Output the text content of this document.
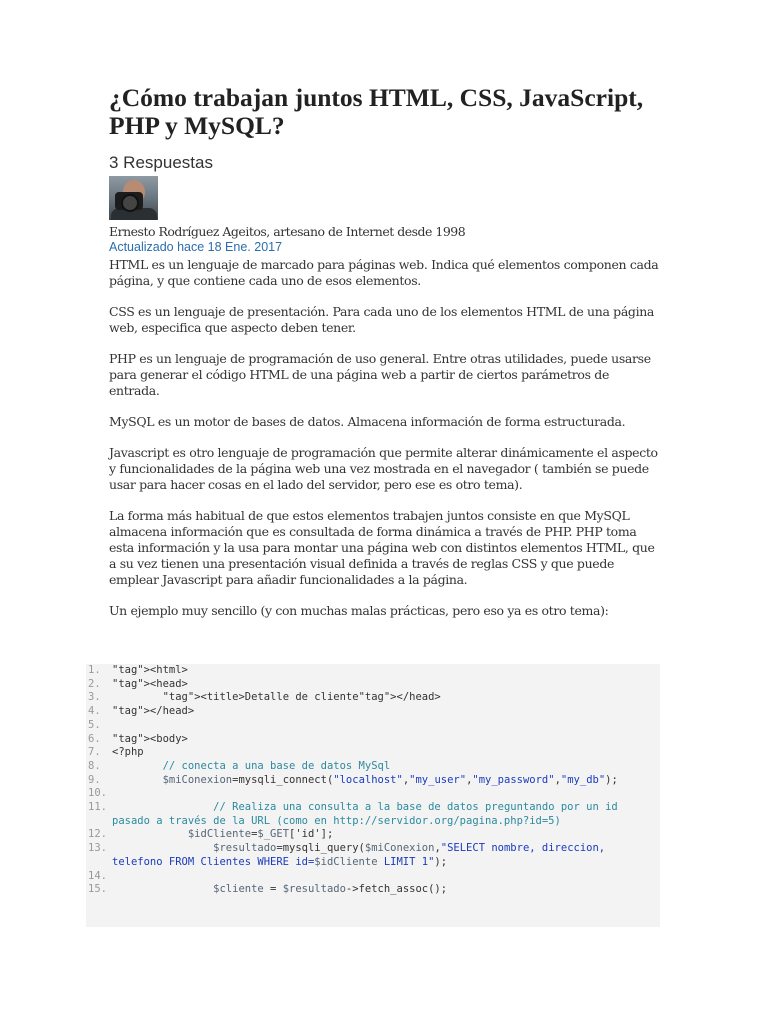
¿Cómo trabajan juntos HTML, CSS, JavaScript, PHP y MySQL?
3 Respuestas
Ernesto Rodríguez Ageitos, artesano de Internet desde 1998
Actualizado hace 18 Ene. 2017

HTML es un lenguaje de marcado para páginas web. Indica qué elementos componen cada página, y que contiene cada uno de esos elementos.

CSS es un lenguaje de presentación. Para cada uno de los elementos HTML de una página web, especifica que aspecto deben tener.

PHP es un lenguaje de programación de uso general. Entre otras utilidades, puede usarse para generar el código HTML de una página web a partir de ciertos parámetros de entrada.

MySQL es un motor de bases de datos. Almacena información de forma estructurada.

Javascript es otro lenguaje de programación que permite alterar dinámicamente el aspecto y funcionalidades de la página web una vez mostrada en el navegador ( también se puede usar para hacer cosas en el lado del servidor, pero ese es otro tema).

La forma más habitual de que estos elementos trabajen juntos consiste en que MySQL almacena información que es consultada de forma dinámica a través de PHP. PHP toma esta información y la usa para montar una página web con distintos elementos HTML, que a su vez tienen una presentación visual definida a través de reglas CSS y que puede emplear Javascript para añadir funcionalidades a la página.

Un ejemplo muy sencillo (y con muchas malas prácticas, pero eso ya es otro tema):

1.	"tag"><html>
2.	"tag"><head>
3.	"tag"><title>Detalle de cliente"tag"></head>
4.	"tag"></head>
5.
6.	"tag"><body>
7.	<?php
8.	// conecta a una base de datos MySql
9.	$miConexion=mysqli_connect("localhost","my_user","my_password","my_db");
10.
11.	// Realiza una consulta a la base de datos preguntando por un id pasado a través de la URL (como en http://servidor.org/pagina.php?id=5)
12.	$idCliente=$_GET['id'];
13.	$resultado=mysqli_query($miConexion,"SELECT nombre, direccion, telefono FROM Clientes WHERE id=$idCliente LIMIT 1");
14.
15.	$cliente = $resultado->fetch_assoc();
